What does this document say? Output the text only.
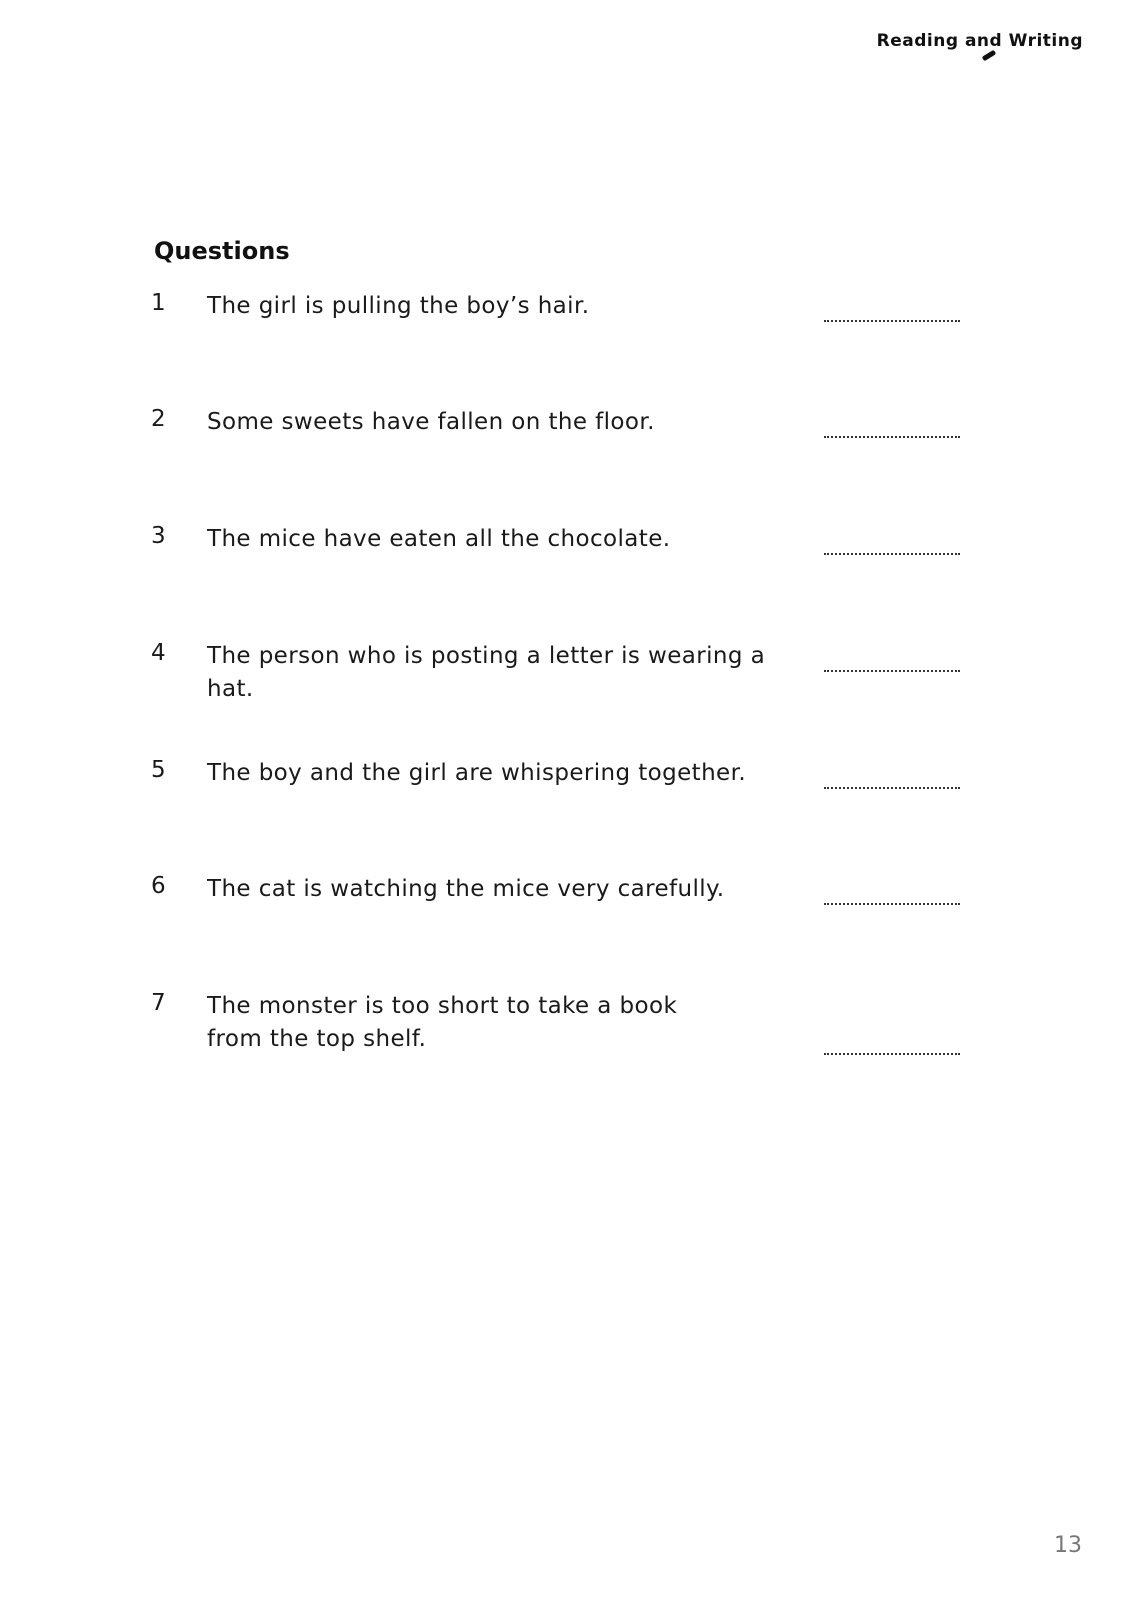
Reading and Writing
Questions
1 The girl is pulling the boy’s hair.
2 Some sweets have fallen on the floor.
3 The mice have eaten all the chocolate.
4 The person who is posting a letter is wearing a hat.
5 The boy and the girl are whispering together.
6 The cat is watching the mice very carefully.
7 The monster is too short to take a book from the top shelf.
13
